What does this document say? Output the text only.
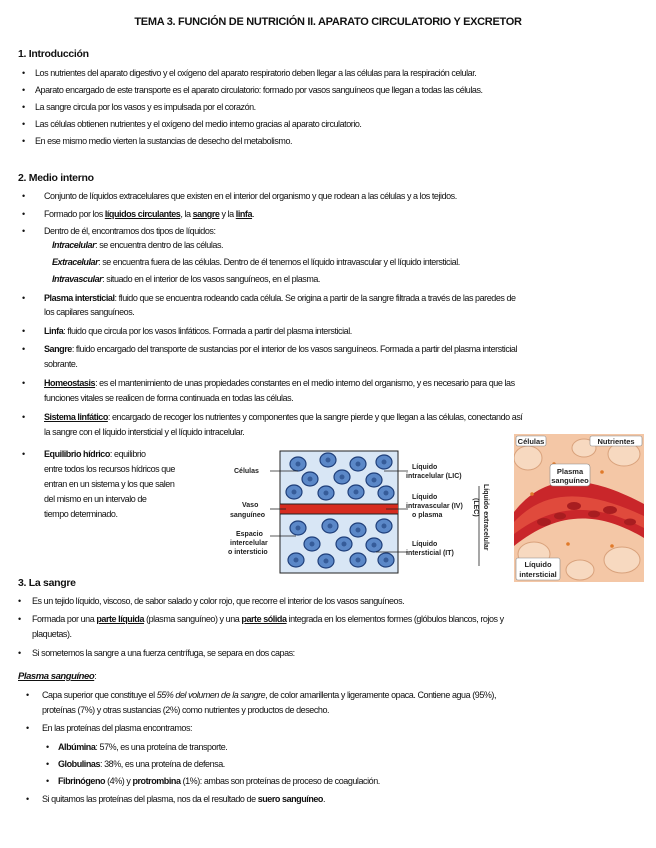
TEMA 3. FUNCIÓN DE NUTRICIÓN II. APARATO CIRCULATORIO Y EXCRETOR
1. Introducción
• Los nutrientes del aparato digestivo y el oxígeno del aparato respiratorio deben llegar a las células para la respiración celular.
• Aparato encargado de este transporte es el aparato circulatorio: formado por vasos sanguíneos que llegan a todas las células.
• La sangre circula por los vasos y es impulsada por el corazón.
• Las células obtienen nutrientes y el oxígeno del medio interno gracias al aparato circulatorio.
• En ese mismo medio vierten la sustancias de desecho del metabolismo.
2. Medio interno
• Conjunto de líquidos extracelulares que existen en el interior del organismo y que rodean a las células y a los tejidos.
• Formado por los líquidos circulantes, la sangre y la linfa.
• Dentro de él, encontramos dos tipos de líquidos:
Intracelular: se encuentra dentro de las células.
Extracelular: se encuentra fuera de las células. Dentro de él tenemos el líquido intravascular y el líquido intersticial.
Intravascular: situado en el interior de los vasos sanguíneos, en el plasma.
• Plasma intersticial: fluido que se encuentra rodeando cada célula. Se origina a partir de la sangre filtrada a través de las paredes de
los capilares sanguíneos.
• Linfa: fluido que circula por los vasos linfáticos. Formada a partir del plasma intersticial.
• Sangre: fluido encargado del transporte de sustancias por el interior de los vasos sanguíneos. Formada a partir del plasma intersticial
sobrante.
• Homeostasis: es el mantenimiento de unas propiedades constantes en el medio interno del organismo, y es necesario para que las
funciones vitales se realicen de forma continuada en todas las células.
• Sistema linfático: encargado de recoger los nutrientes y componentes que la sangre pierde y que llegan a las células, conectando así
la sangre con el líquido intersticial y el líquido intracelular.
• Equilibrio hídrico: equilibrio
entre todos los recursos hídricos que
entran en un sistema y los que salen
del mismo en un intervalo de
tiempo determinado.
Células
Vaso
sanguíneo
Espacio
intercelular
o intersticio
Líquido
intracelular (LIC)
Líquido
intravascular (IV)
o plasma
Líquido
intersticial (IT)
Líquido extracelular
(LEC)
Células	Nutrientes
Plasma
sanguíneo
Líquido
intersticial
3. La sangre
• Es un tejido líquido, viscoso, de sabor salado y color rojo, que recorre el interior de los vasos sanguíneos.
• Formada por una parte líquida (plasma sanguíneo) y una parte sólida integrada en los elementos formes (glóbulos blancos, rojos y
plaquetas).
• Si sometemos la sangre a una fuerza centrífuga, se separa en dos capas:
Plasma sanguíneo:
• Capa superior que constituye el 55% del volumen de la sangre, de color amarillenta y ligeramente opaca. Contiene agua (95%),
proteínas (7%) y otras sustancias (2%) como nutrientes y productos de desecho.
• En las proteínas del plasma encontramos:
• Albúmina: 57%, es una proteína de transporte.
• Globulinas: 38%, es una proteína de defensa.
• Fibrinógeno (4%) y protrombina (1%): ambas son proteínas de proceso de coagulación.
• Si quitamos las proteínas del plasma, nos da el resultado de suero sanguíneo.
